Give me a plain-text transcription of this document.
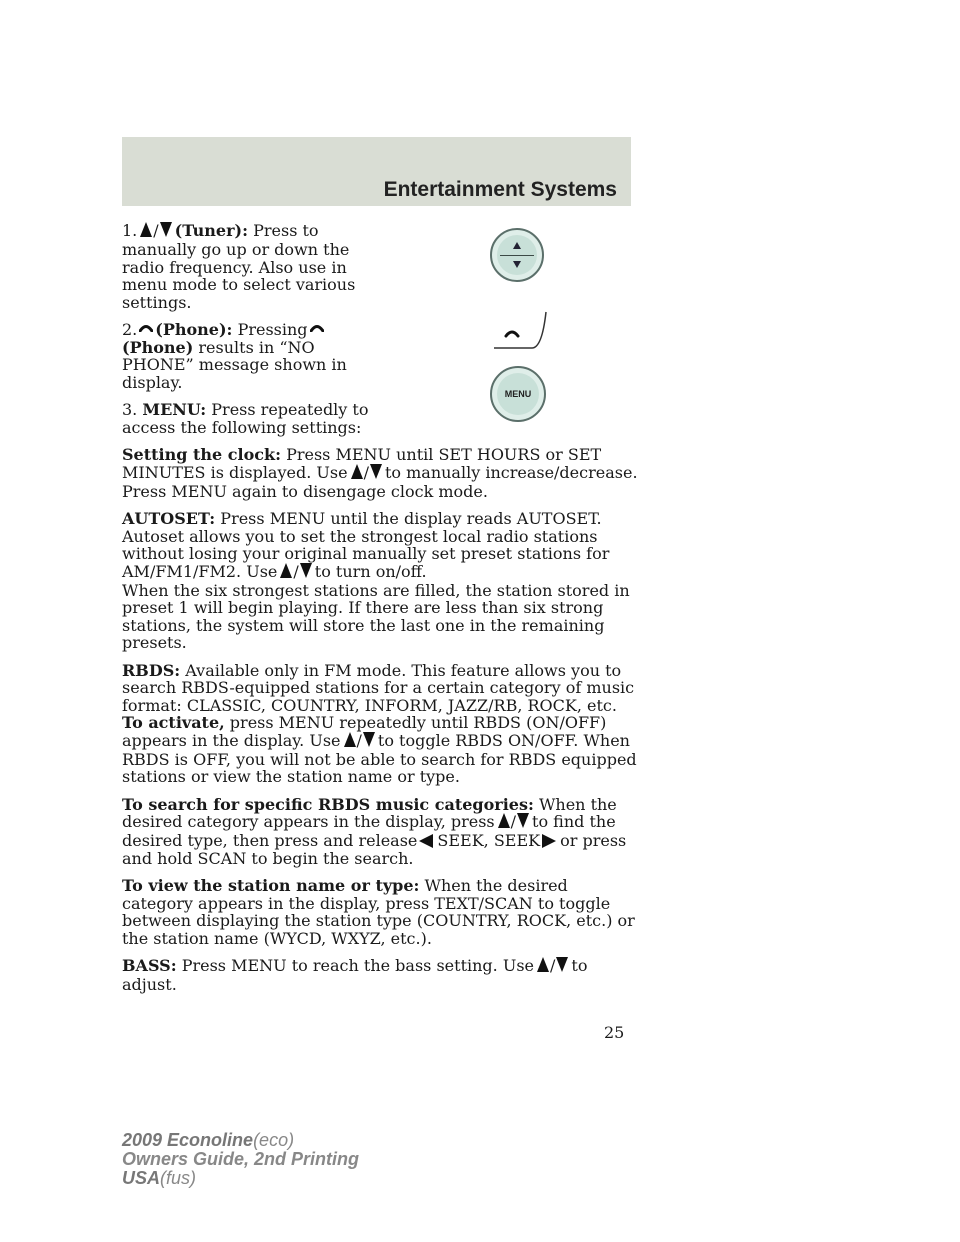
Entertainment Systems
MENU

1. / (Tuner): Press to manually go up or down the radio frequency. Also use in menu mode to select various settings.

2. (Phone): Pressing (Phone) results in “NO PHONE” message shown in display.

3. MENU: Press repeatedly to access the following settings:

Setting the clock: Press MENU until SET HOURS or SET MINUTES is displayed. Use / to manually increase/decrease. Press MENU again to disengage clock mode.

AUTOSET: Press MENU until the display reads AUTOSET. Autoset allows you to set the strongest local radio stations without losing your original manually set preset stations for AM/FM1/FM2. Use / to turn on/off.

When the six strongest stations are filled, the station stored in preset 1 will begin playing. If there are less than six strong stations, the system will store the last one in the remaining presets.

RBDS: Available only in FM mode. This feature allows you to search RBDS-equipped stations for a certain category of music format: CLASSIC, COUNTRY, INFORM, JAZZ/RB, ROCK, etc.

To activate, press MENU repeatedly until RBDS (ON/OFF) appears in the display. Use / to toggle RBDS ON/OFF. When RBDS is OFF, you will not be able to search for RBDS equipped stations or view the station name or type.

To search for specific RBDS music categories: When the desired category appears in the display, press / to find the desired type, then press and release SEEK, SEEK or press and hold SCAN to begin the search.

To view the station name or type: When the desired category appears in the display, press TEXT/SCAN to toggle between displaying the station type (COUNTRY, ROCK, etc.) or the station name (WYCD, WXYZ, etc.).

BASS: Press MENU to reach the bass setting. Use / to adjust.

25
2009 Econoline(eco)
Owners Guide, 2nd Printing
USA(fus)
